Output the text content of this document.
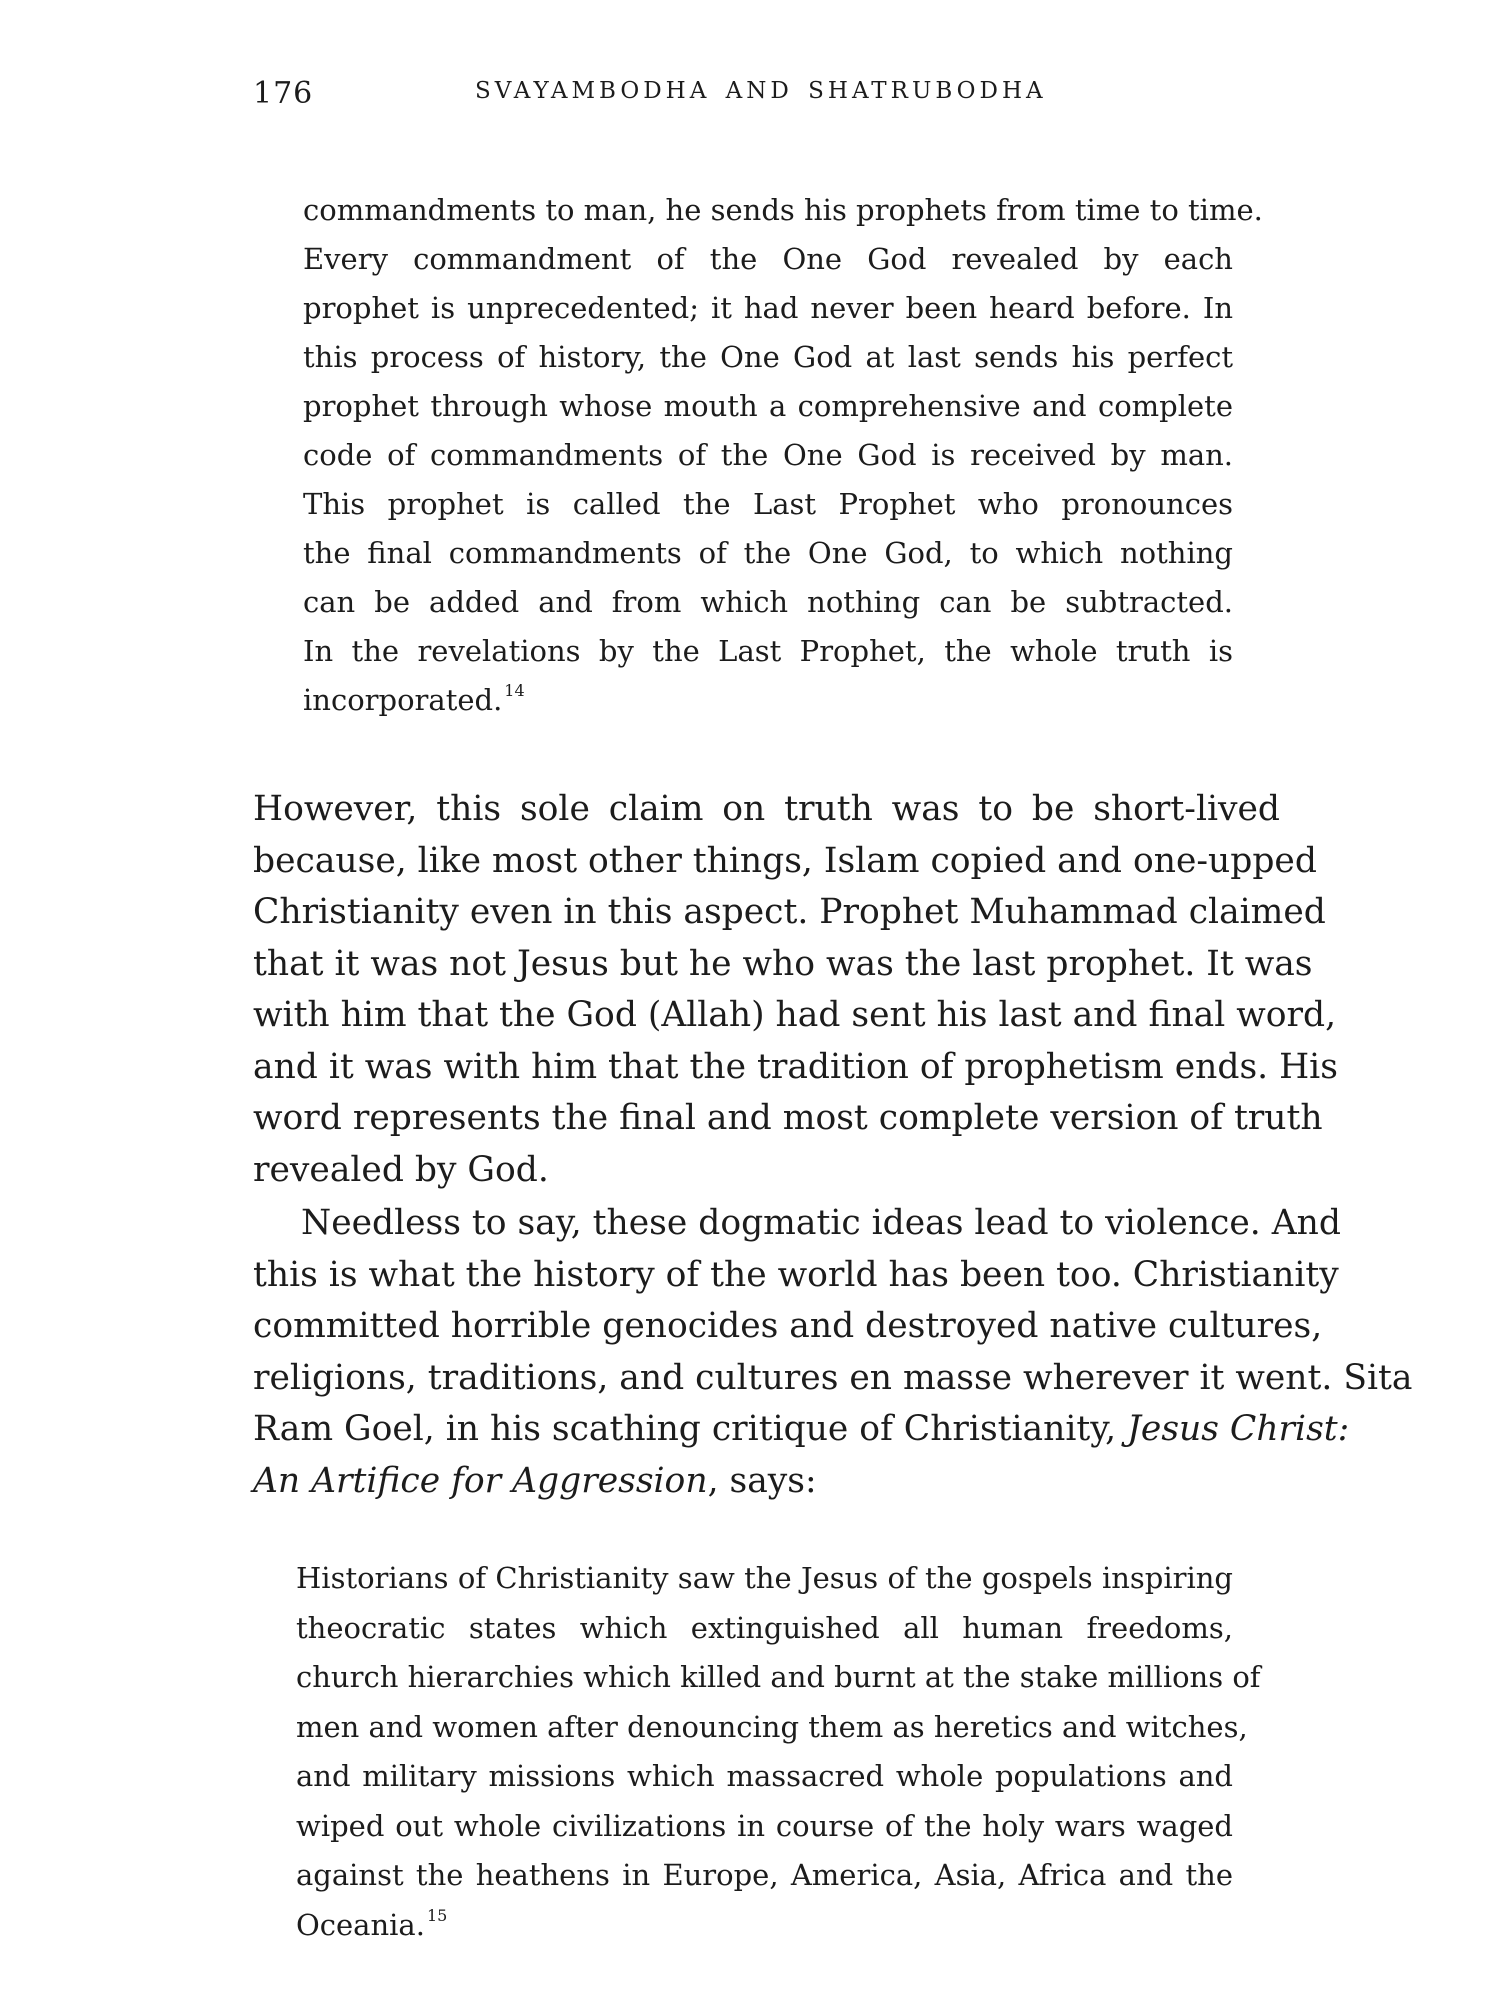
176	SVAYAMBODHA AND SHATRUBODHA
commandments to man, he sends his prophets from time to time.
Every commandment of the One God revealed by each
prophet is unprecedented; it had never been heard before. In
this process of history, the One God at last sends his perfect
prophet through whose mouth a comprehensive and complete
code of commandments of the One God is received by man.
This prophet is called the Last Prophet who pronounces
the final commandments of the One God, to which nothing
can be added and from which nothing can be subtracted.
In the revelations by the Last Prophet, the whole truth is
incorporated. $^{14}$
However, this sole claim on truth was to be short-lived
because, like most other things, Islam copied and one-upped
Christianity even in this aspect. Prophet Muhammad claimed
that it was not Jesus but he who was the last prophet. It was
with him that the God (Allah) had sent his last and final word,
and it was with him that the tradition of prophetism ends. His
word represents the final and most complete version of truth
revealed by God.
Needless to say, these dogmatic ideas lead to violence. And
this is what the history of the world has been too. Christianity
committed horrible genocides and destroyed native cultures,
religions, traditions, and cultures en masse wherever it went. Sita
Ram Goel, in his scathing critique of Christianity, Jesus Christ:
An Artifice for Aggression, says:
Historians of Christianity saw the Jesus of the gospels inspiring
theocratic states which extinguished all human freedoms,
church hierarchies which killed and burnt at the stake millions of
men and women after denouncing them as heretics and witches,
and military missions which massacred whole populations and
wiped out whole civilizations in course of the holy wars waged
against the heathens in Europe, America, Asia, Africa and the
Oceania. $^{15}$
